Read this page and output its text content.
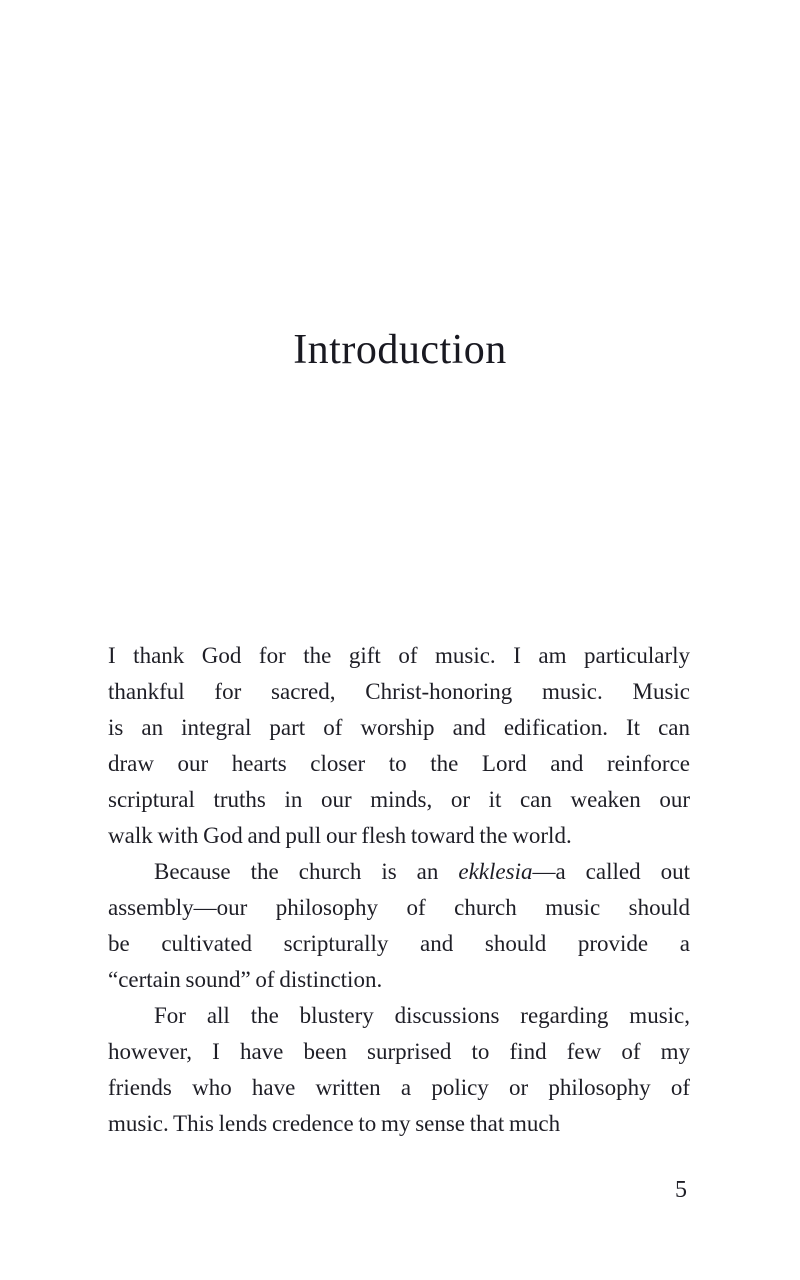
Introduction
I thank God for the gift of music. I am particularly
thankful for sacred, Christ-honoring music. Music
is an integral part of worship and edification. It can
draw our hearts closer to the Lord and reinforce
scriptural truths in our minds, or it can weaken our
walk with God and pull our flesh toward the world.
Because the church is an ekklesia—a called out
assembly—our philosophy of church music should
be cultivated scripturally and should provide a
“certain sound” of distinction.
For all the blustery discussions regarding music,
however, I have been surprised to find few of my
friends who have written a policy or philosophy of
music. This lends credence to my sense that much
5
